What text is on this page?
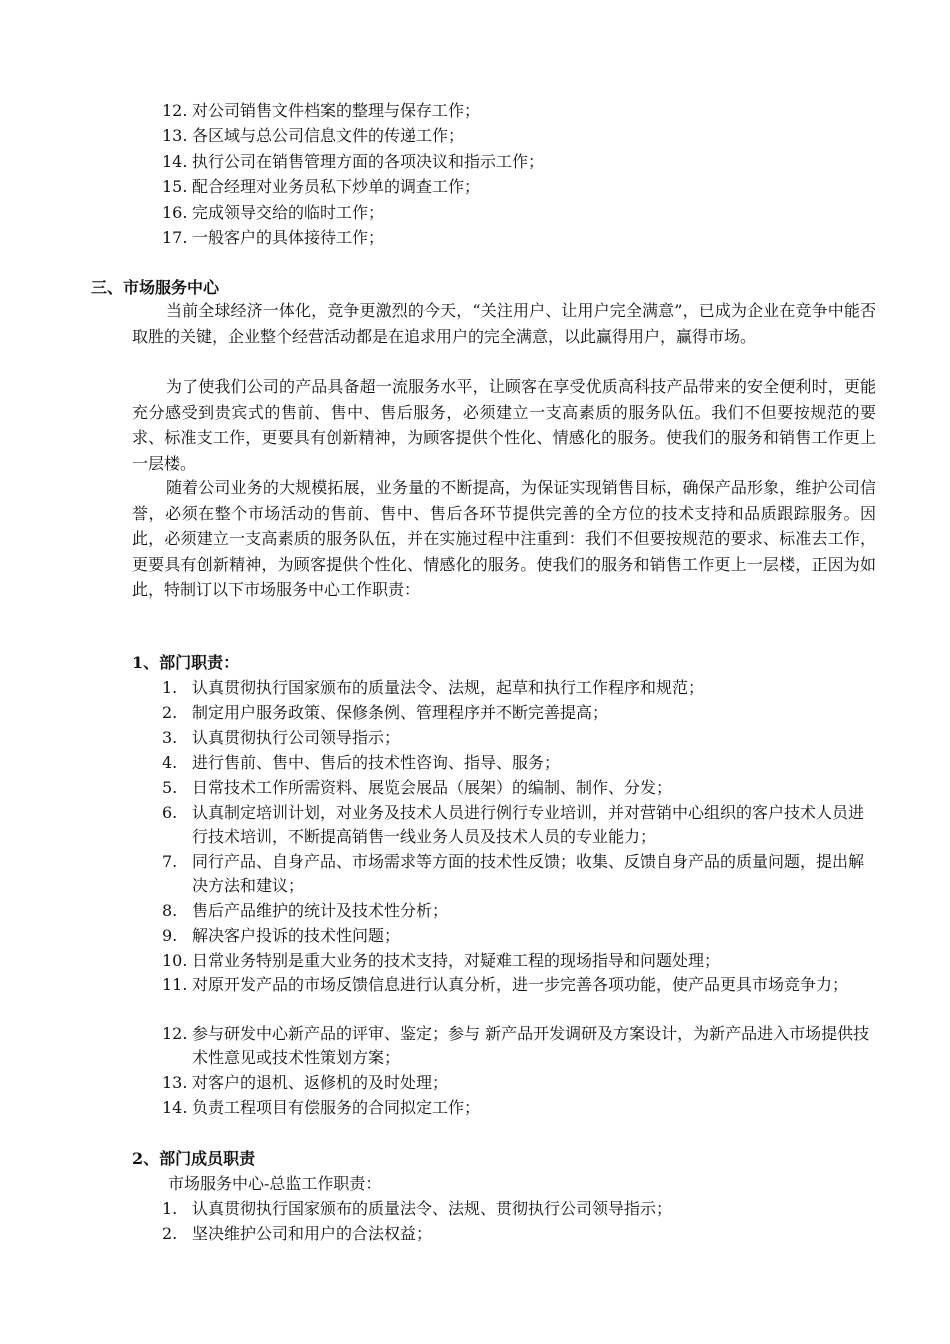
12. 对公司销售文件档案的整理与保存工作；
13. 各区域与总公司信息文件的传递工作；
14. 执行公司在销售管理方面的各项决议和指示工作；
15. 配合经理对业务员私下炒单的调查工作；
16. 完成领导交给的临时工作；
17. 一般客户的具体接待工作；
三、市场服务中心
当前全球经济一体化，竞争更激烈的今天，“关注用户、让用户完全满意”，已成为企业在竞争中能否取胜的关键，企业整个经营活动都是在追求用户的完全满意，以此赢得用户，赢得市场。
为了使我们公司的产品具备超一流服务水平，让顾客在享受优质高科技产品带来的安全便利时，更能充分感受到贵宾式的售前、售中、售后服务，必须建立一支高素质的服务队伍。我们不但要按规范的要求、标准支工作，更要具有创新精神，为顾客提供个性化、情感化的服务。使我们的服务和销售工作更上一层楼。
随着公司业务的大规模拓展，业务量的不断提高，为保证实现销售目标，确保产品形象，维护公司信誉，必须在整个市场活动的售前、售中、售后各环节提供完善的全方位的技术支持和品质跟踪服务。因此，必须建立一支高素质的服务队伍，并在实施过程中注重到：我们不但要按规范的要求、标准去工作，更要具有创新精神，为顾客提供个性化、情感化的服务。使我们的服务和销售工作更上一层楼，正因为如此，特制订以下市场服务中心工作职责：
1、部门职责：
1. 认真贯彻执行国家颁布的质量法令、法规，起草和执行工作程序和规范；
2. 制定用户服务政策、保修条例、管理程序并不断完善提高；
3. 认真贯彻执行公司领导指示；
4. 进行售前、售中、售后的技术性咨询、指导、服务；
5. 日常技术工作所需资料、展览会展品（展架）的编制、制作、分发；
6. 认真制定培训计划，对业务及技术人员进行例行专业培训，并对营销中心组织的客户技术人员进行技术培训，不断提高销售一线业务人员及技术人员的专业能力；
7. 同行产品、自身产品、市场需求等方面的技术性反馈；收集、反馈自身产品的质量问题，提出解决方法和建议；
8. 售后产品维护的统计及技术性分析；
9. 解决客户投诉的技术性问题；
10. 日常业务特别是重大业务的技术支持，对疑难工程的现场指导和问题处理；
11. 对原开发产品的市场反馈信息进行认真分析，进一步完善各项功能，使产品更具市场竞争力；
12. 参与研发中心新产品的评审、鉴定；参与 新产品开发调研及方案设计，为新产品进入市场提供技术性意见或技术性策划方案；
13. 对客户的退机、返修机的及时处理；
14. 负责工程项目有偿服务的合同拟定工作；
2、部门成员职责
市场服务中心-总监工作职责：
1. 认真贯彻执行国家颁布的质量法令、法规、贯彻执行公司领导指示；
2. 坚决维护公司和用户的合法权益；
